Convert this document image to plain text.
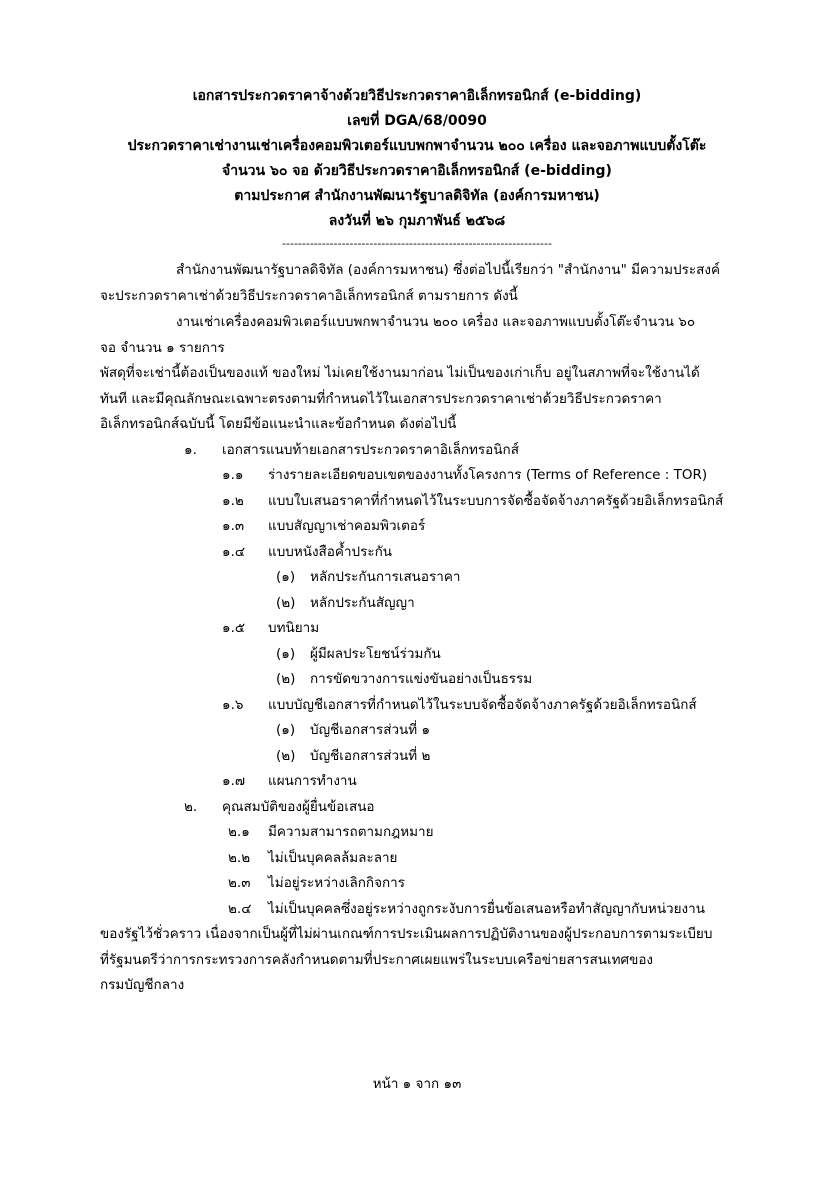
เอกสารประกวดราคาจ้างด้วยวิธีประกวดราคาอิเล็กทรอนิกส์ (e-bidding)
เลขที่ DGA/68/0090
ประกวดราคาเช่างานเช่าเครื่องคอมพิวเตอร์แบบพกพาจำนวน ๒๐๐ เครื่อง และจอภาพแบบตั้งโต๊ะ
จำนวน ๖๐ จอ ด้วยวิธีประกวดราคาอิเล็กทรอนิกส์ (e-bidding)
ตามประกาศ สำนักงานพัฒนารัฐบาลดิจิทัล (องค์การมหาชน)
ลงวันที่ ๒๖ กุมภาพันธ์ ๒๕๖๘
--------------------------------------------------------------------
สำนักงานพัฒนารัฐบาลดิจิทัล (องค์การมหาชน) ซึ่งต่อไปนี้เรียกว่า "สำนักงาน" มีความประสงค์
จะประกวดราคาเช่าด้วยวิธีประกวดราคาอิเล็กทรอนิกส์ ตามรายการ ดังนี้
งานเช่าเครื่องคอมพิวเตอร์แบบพกพาจำนวน ๒๐๐ เครื่อง และจอภาพแบบตั้งโต๊ะจำนวน ๖๐
จอ จำนวน ๑ รายการ
พัสดุที่จะเช่านี้ต้องเป็นของแท้ ของใหม่ ไม่เคยใช้งานมาก่อน ไม่เป็นของเก่าเก็บ อยู่ในสภาพที่จะใช้งานได้
ทันที และมีคุณลักษณะเฉพาะตรงตามที่กำหนดไว้ในเอกสารประกวดราคาเช่าด้วยวิธีประกวดราคา
อิเล็กทรอนิกส์ฉบับนี้ โดยมีข้อแนะนำและข้อกำหนด ดังต่อไปนี้
๑. เอกสารแนบท้ายเอกสารประกวดราคาอิเล็กทรอนิกส์
๑.๑ ร่างรายละเอียดขอบเขตของงานทั้งโครงการ (Terms of Reference : TOR)
๑.๒ แบบใบเสนอราคาที่กำหนดไว้ในระบบการจัดซื้อจัดจ้างภาครัฐด้วยอิเล็กทรอนิกส์
๑.๓ แบบสัญญาเช่าคอมพิวเตอร์
๑.๔ แบบหนังสือค้ำประกัน
(๑) หลักประกันการเสนอราคา
(๒) หลักประกันสัญญา
๑.๕ บทนิยาม
(๑) ผู้มีผลประโยชน์ร่วมกัน
(๒) การขัดขวางการแข่งขันอย่างเป็นธรรม
๑.๖ แบบบัญชีเอกสารที่กำหนดไว้ในระบบจัดซื้อจัดจ้างภาครัฐด้วยอิเล็กทรอนิกส์
(๑) บัญชีเอกสารส่วนที่ ๑
(๒) บัญชีเอกสารส่วนที่ ๒
๑.๗ แผนการทำงาน
๒. คุณสมบัติของผู้ยื่นข้อเสนอ
๒.๑ มีความสามารถตามกฎหมาย
๒.๒ ไม่เป็นบุคคลล้มละลาย
๒.๓ ไม่อยู่ระหว่างเลิกกิจการ
๒.๔ ไม่เป็นบุคคลซึ่งอยู่ระหว่างถูกระงับการยื่นข้อเสนอหรือทำสัญญากับหน่วยงาน
ของรัฐไว้ชั่วคราว เนื่องจากเป็นผู้ที่ไม่ผ่านเกณฑ์การประเมินผลการปฏิบัติงานของผู้ประกอบการตามระเบียบ
ที่รัฐมนตรีว่าการกระทรวงการคลังกำหนดตามที่ประกาศเผยแพร่ในระบบเครือข่ายสารสนเทศของ
กรมบัญชีกลาง
หน้า ๑ จาก ๑๓
